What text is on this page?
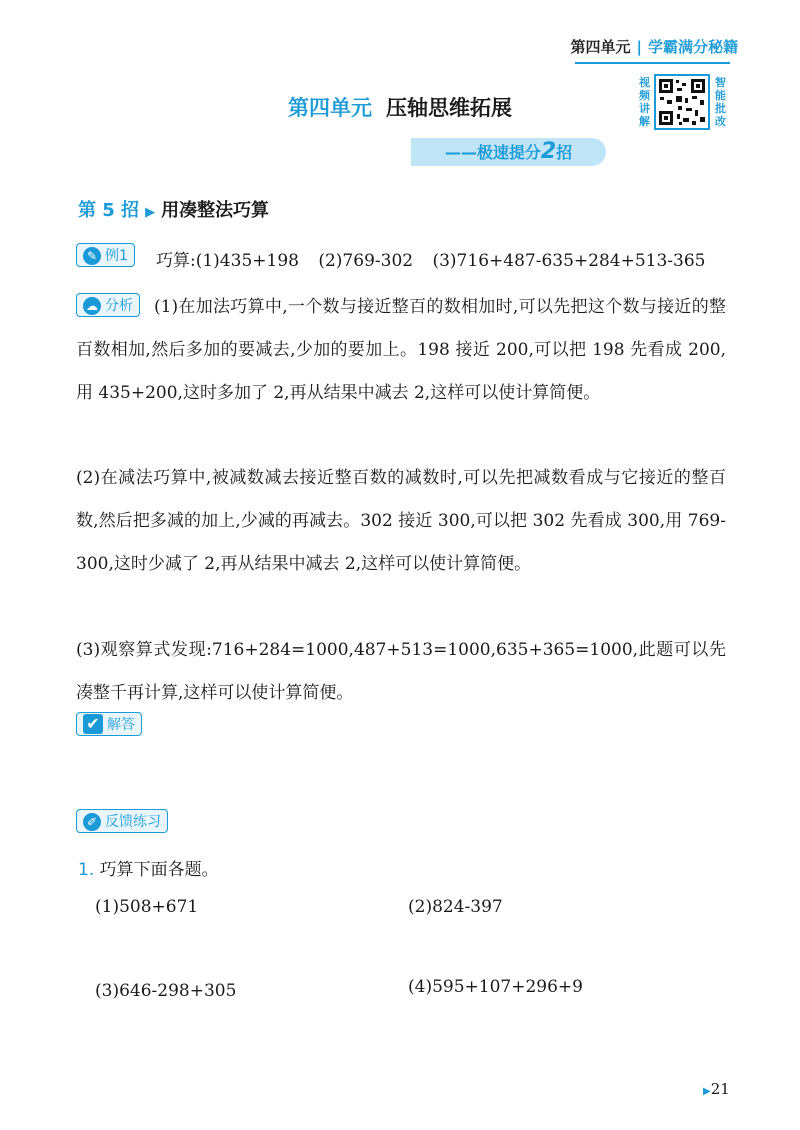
第四单元 | 学霸满分秘籍
视频讲解
智能批改
第四单元 压轴思维拓展
——极速提分2招
第 5 招 ▶ 用凑整法巧算
✎ 例1	巧算:(1)435+198 (2)769-302 (3)716+487-635+284+513-365
☁ 分析	(1)在加法巧算中,一个数与接近整百的数相加时,可以先把这个数与接近的整百数相加,然后多加的要减去,少加的要加上。198 接近 200,可以把 198 先看成 200,用 435+200,这时多加了 2,再从结果中减去 2,这样可以使计算简便。
(2)在减法巧算中,被减数减去接近整百数的减数时,可以先把减数看成与它接近的整百数,然后把多减的加上,少减的再减去。302 接近 300,可以把 302 先看成 300,用 769-300,这时少减了 2,再从结果中减去 2,这样可以使计算简便。
(3)观察算式发现:716+284=1000,487+513=1000,635+365=1000,此题可以先凑整千再计算,这样可以使计算简便。
✔ 解答
✐ 反馈练习
1. 巧算下面各题。
(1)508+671	(2)824-397
(3)646-298+305	(4)595+107+296+9
▶21
